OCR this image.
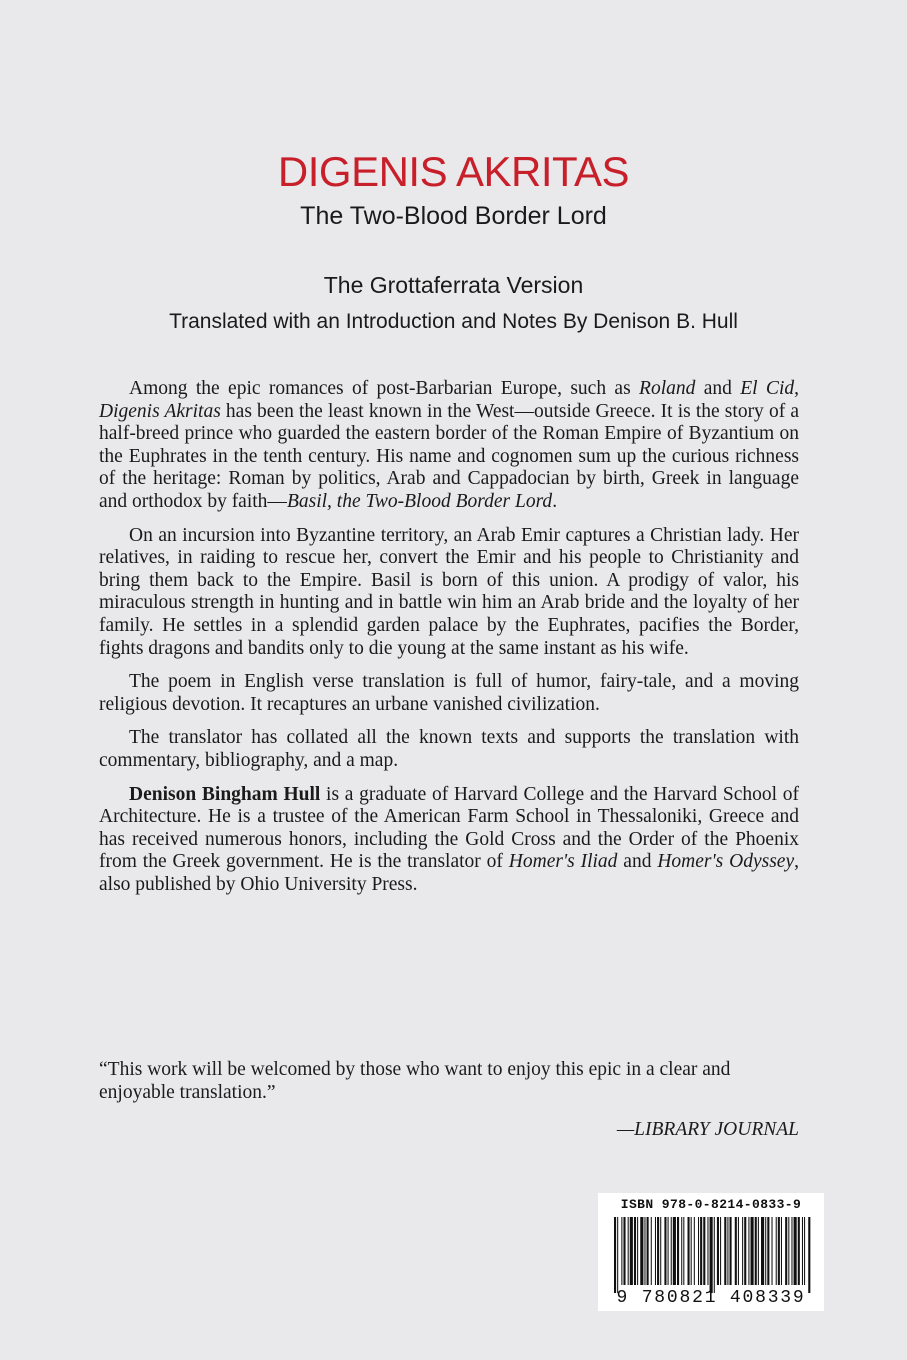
DIGENIS AKRITAS
The Two-Blood Border Lord
The Grottaferrata Version
Translated with an Introduction and Notes By Denison B. Hull

Among the epic romances of post-Barbarian Europe, such as Roland and El Cid, Digenis Akritas has been the least known in the West—outside Greece. It is the story of a half-breed prince who guarded the eastern border of the Roman Empire of Byzantium on the Euphrates in the tenth century. His name and cognomen sum up the curious richness of the heritage: Roman by politics, Arab and Cappadocian by birth, Greek in language and orthodox by faith—Basil, the Two-Blood Border Lord.

On an incursion into Byzantine territory, an Arab Emir captures a Christian lady. Her relatives, in raiding to rescue her, convert the Emir and his people to Christianity and bring them back to the Empire. Basil is born of this union. A prodigy of valor, his miraculous strength in hunting and in battle win him an Arab bride and the loyalty of her family. He settles in a splendid garden palace by the Euphrates, pacifies the Border, fights dragons and bandits only to die young at the same instant as his wife.

The poem in English verse translation is full of humor, fairy-tale, and a moving religious devotion. It recaptures an urbane vanished civilization.

The translator has collated all the known texts and supports the translation with commentary, bibliography, and a map.

Denison Bingham Hull is a graduate of Harvard College and the Harvard School of Architecture. He is a trustee of the American Farm School in Thessaloniki, Greece and has received numerous honors, including the Gold Cross and the Order of the Phoenix from the Greek government. He is the translator of Homer's Iliad and Homer's Odyssey, also published by Ohio University Press.

“This work will be welcomed by those who want to enjoy this epic in a clear and enjoyable translation.”
—LIBRARY JOURNAL
ISBN 978-0-8214-0833-9
9 780821 408339
